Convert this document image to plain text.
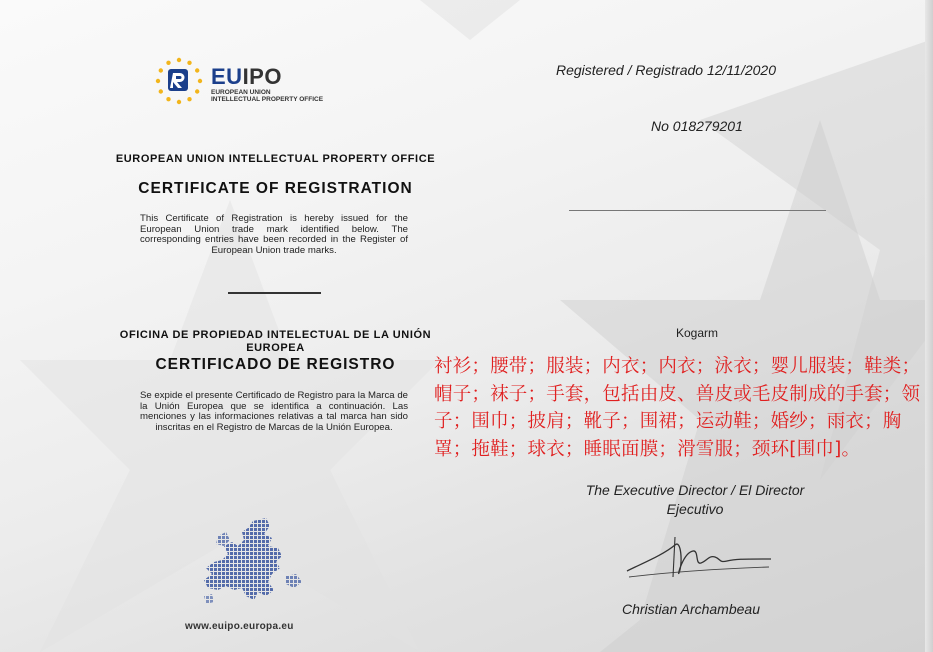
EUIPO
EUROPEAN UNION
INTELLECTUAL PROPERTY OFFICE
EUROPEAN UNION INTELLECTUAL PROPERTY OFFICE
CERTIFICATE OF REGISTRATION
This Certificate of Registration is hereby issued for the European Union trade mark identified below. The corresponding entries have been recorded in the Register of European Union trade marks.
OFICINA DE PROPIEDAD INTELECTUAL DE LA UNIÓN EUROPEA
CERTIFICADO DE REGISTRO
Se expide el presente Certificado de Registro para la Marca de la Unión Europea que se identifica a continuación. Las menciones y las informaciones relativas a tal marca han sido inscritas en el Registro de Marcas de la Unión Europea.
www.euipo.europa.eu
Registered / Registrado 12/11/2020
No 018279201
Kogarm
The Executive Director / El Director Ejecutivo
Christian Archambeau
衬衫；腰带；服装；内衣；内衣；泳衣；婴儿服装；鞋类；帽子；袜子；手套，包括由皮、兽皮或毛皮制成的手套；领子；围巾；披肩；靴子；围裙；运动鞋；婚纱；雨衣；胸罩；拖鞋；球衣；睡眠面膜；滑雪服；颈环[围巾]。
